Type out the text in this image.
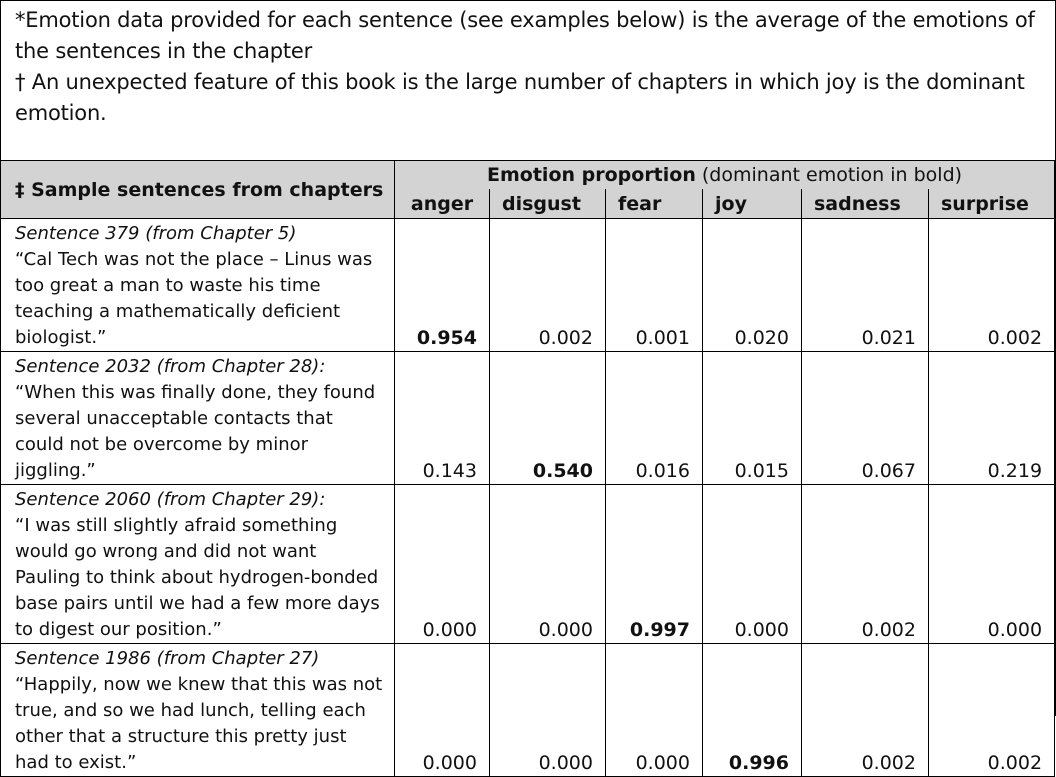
*Emotion data provided for each sentence (see examples below) is the average of the emotions of the sentences in the chapter

† An unexpected feature of this book is the large number of chapters in which joy is the dominant emotion.

‡ Sample sentences from chapters	Emotion proportion (dominant emotion in bold)					
	anger	disgust	fear	joy	sadness	surprise

Sentence 379 (from Chapter 5)
“Cal Tech was not the place – Linus was too great a man to waste his time teaching a mathematically deficient biologist.”	0.954	0.002	0.001	0.020	0.021	0.002

Sentence 2032 (from Chapter 28):
“When this was finally done, they found several unacceptable contacts that could not be overcome by minor jiggling.”	0.143	0.540	0.016	0.015	0.067	0.219

Sentence 2060 (from Chapter 29):
“I was still slightly afraid something would go wrong and did not want Pauling to think about hydrogen-bonded base pairs until we had a few more days to digest our position.”	0.000	0.000	0.997	0.000	0.002	0.000

Sentence 1986 (from Chapter 27)
“Happily, now we knew that this was not true, and so we had lunch, telling each other that a structure this pretty just had to exist.”	0.000	0.000	0.000	0.996	0.002	0.002
